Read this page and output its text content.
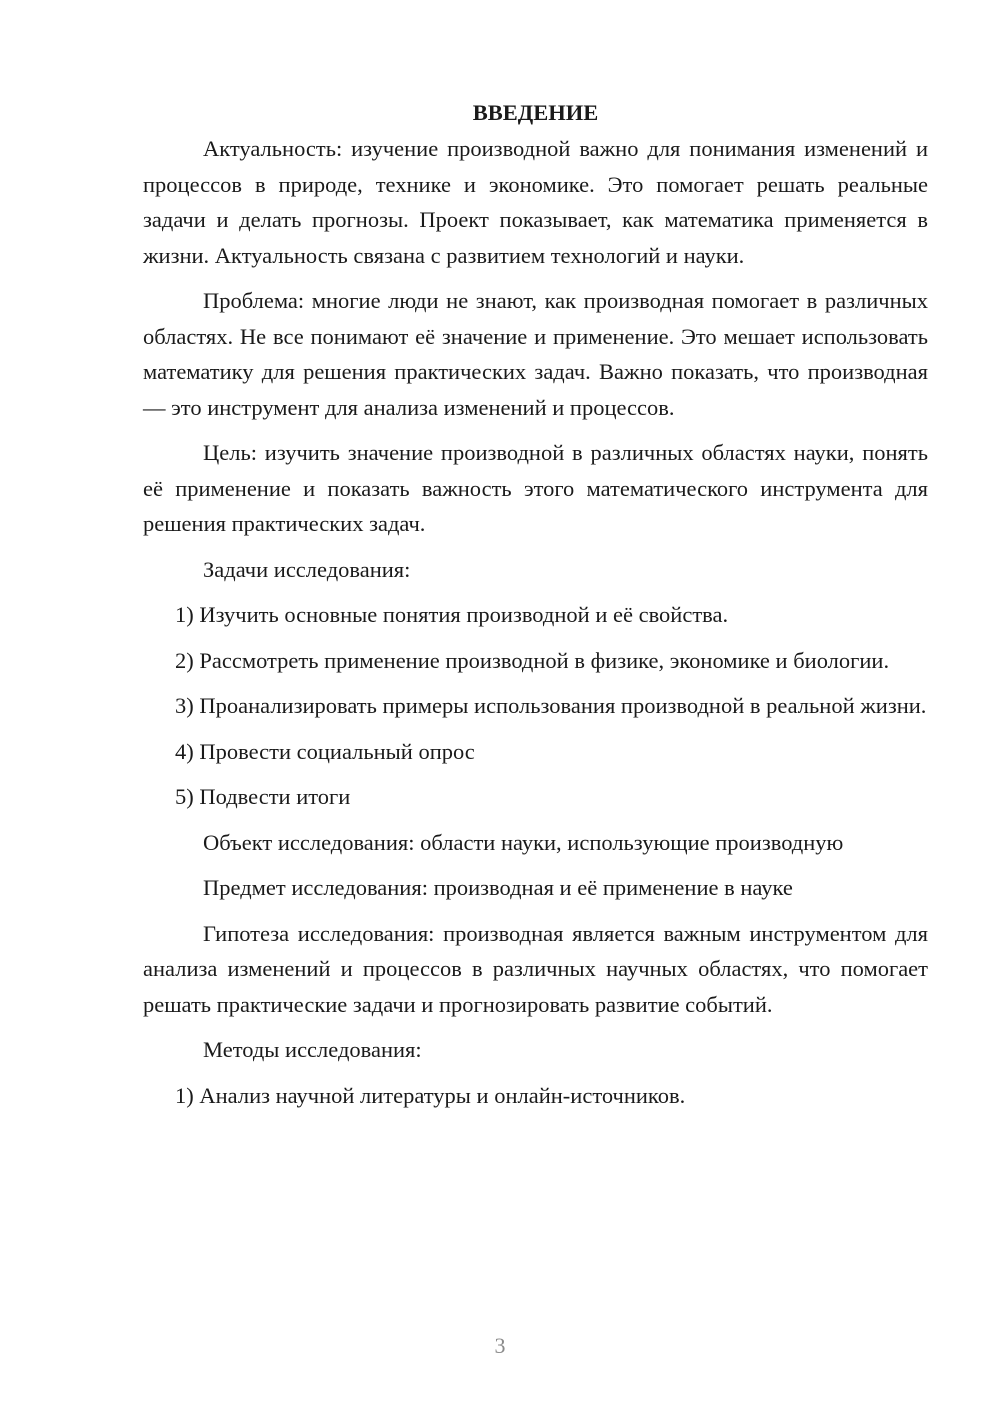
ВВЕДЕНИЕ

Актуальность: изучение производной важно для понимания изменений и процессов в природе, технике и экономике. Это помогает решать реальные задачи и делать прогнозы. Проект показывает, как математика применяется в жизни. Актуальность связана с развитием технологий и науки.

Проблема: многие люди не знают, как производная помогает в различных областях. Не все понимают её значение и применение. Это мешает использовать математику для решения практических задач. Важно показать, что производная — это инструмент для анализа изменений и процессов.

Цель: изучить значение производной в различных областях науки, понять её применение и показать важность этого математического инструмента для решения практических задач.

Задачи исследования:

1) Изучить основные понятия производной и её свойства.

2) Рассмотреть применение производной в физике, экономике и биологии.

3) Проанализировать примеры использования производной в реальной жизни.

4) Провести социальный опрос

5) Подвести итоги

Объект исследования: области науки, использующие производную

Предмет исследования: производная и её применение в науке

Гипотеза исследования: производная является важным инструментом для анализа изменений и процессов в различных научных областях, что помогает решать практические задачи и прогнозировать развитие событий.

Методы исследования:

1) Анализ научной литературы и онлайн-источников.

3
